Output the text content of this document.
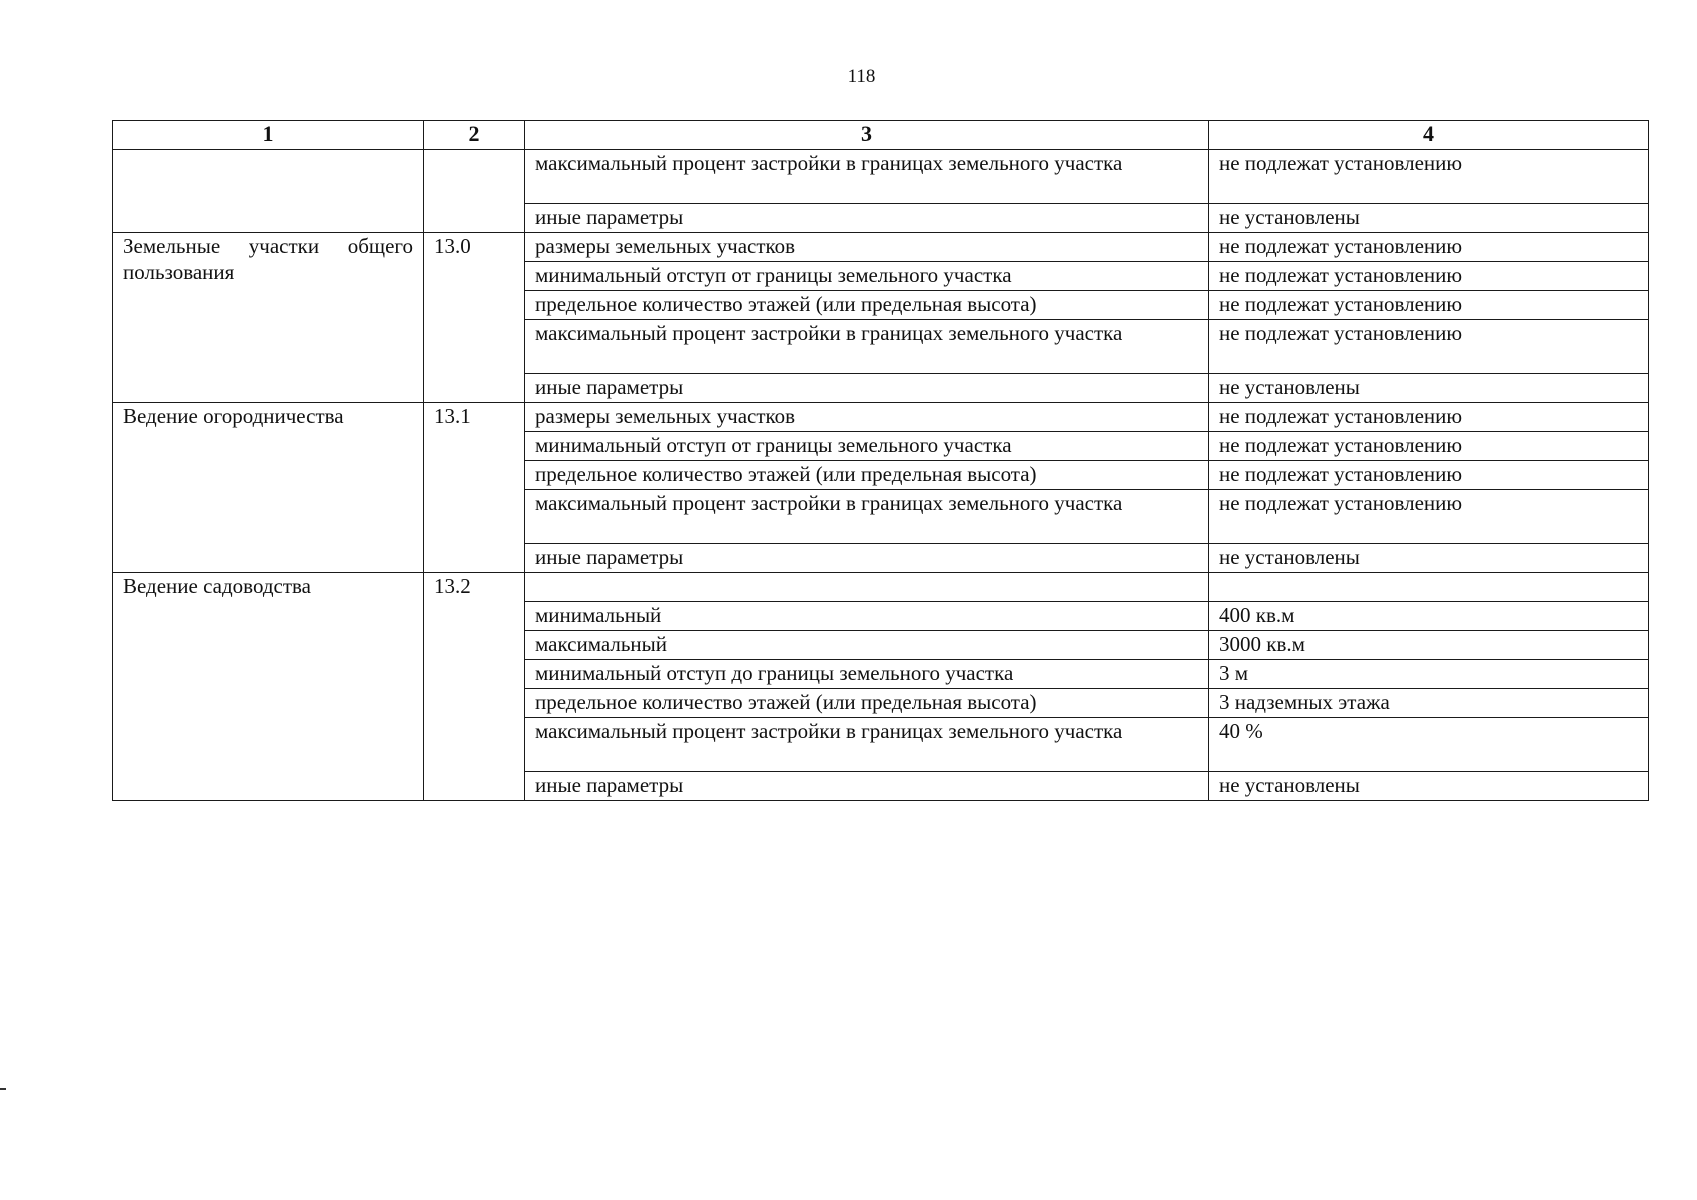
118
1	2	3	4
		максимальный процент застройки в границах земельного участка	не подлежат установлению
		иные параметры	не установлены
Земельные участки общего пользования	13.0	размеры земельных участков	не подлежат установлению
		минимальный отступ от границы земельного участка	не подлежат установлению
		предельное количество этажей (или предельная высота)	не подлежат установлению
		максимальный процент застройки в границах земельного участка	не подлежат установлению
		иные параметры	не установлены
Ведение огородничества	13.1	размеры земельных участков	не подлежат установлению
		минимальный отступ от границы земельного участка	не подлежат установлению
		предельное количество этажей (или предельная высота)	не подлежат установлению
		максимальный процент застройки в границах земельного участка	не подлежат установлению
		иные параметры	не установлены
Ведение садоводства	13.2		
		минимальный	400 кв.м
		максимальный	3000 кв.м
		минимальный отступ до границы земельного участка	3 м
		предельное количество этажей (или предельная высота)	3 надземных этажа
		максимальный процент застройки в границах земельного участка	40 %
		иные параметры	не установлены
